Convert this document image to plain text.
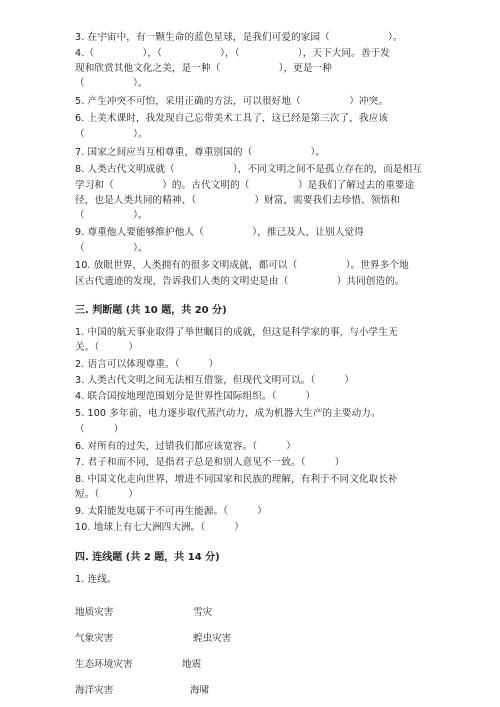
3. 在宇宙中，有一颗生命的蓝色星球，是我们可爱的家园（　　　　　　）。
4.（　　　　　），（　　　　　　），（　　　　　　），天下大同。善于发
现和欣赏其他文化之美，是一种（　　　　　　），更是一种
（　　　　　）。
5. 产生冲突不可怕，采用正确的方法，可以很好地（　　　　　）冲突。
6. 上美术课时，我发现自己忘带美术工具了，这已经是第三次了，我应该
（　　　　　）。
7. 国家之间应当互相尊重，尊重别国的（　　　　　　）。
8. 人类古代文明成就（　　　　　　），不同文明之间不是孤立存在的，而是相互
学习和（　　　　　）的。古代文明的（　　　　　）是我们了解过去的重要途
径，也是人类共同的精神、（　　　　　　）财富，需要我们去珍惜、领悟和
（　　　　　）。
9. 尊重他人要能够维护他人（　　　　　），推己及人，让别人觉得
（　　　　　）。
10. 放眼世界，人类拥有的很多文明成就，都可以（　　　　　）。世界多个地
区古代遗迹的发现，告诉我们人类的文明史是由（　　　　　）共同创造的。
三. 判断题 (共 10 题，共 20 分)
1. 中国的航天事业取得了举世瞩目的成就，但这是科学家的事，与小学生无
关。（　　　）
2. 语言可以体现尊重。（　　　）
3. 人类古代文明之间无法相互借鉴，但现代文明可以。（　　　）
4. 联合国按地理范围划分是世界性国际组织。（　　　）
5. 100 多年前，电力逐步取代蒸汽动力，成为机器大生产的主要动力。
（　　　）
6. 对所有的过失，过错我们都应该宽容。（　　　）
7. 君子和而不同，是指君子总是和别人意见不一致。（　　　）
8. 中国文化走向世界，增进不同国家和民族的理解，有利于不同文化取长补
短。（　　　）
9. 太阳能发电属于不可再生能源。（　　　）
10. 地球上有七大洲四大洲。（　　　）
四. 连线题 (共 2 题，共 14 分)
1. 连线。
地质灾害
气象灾害
生态环境灾害
海洋灾害
雪灾
蝗虫灾害
地震
海啸
